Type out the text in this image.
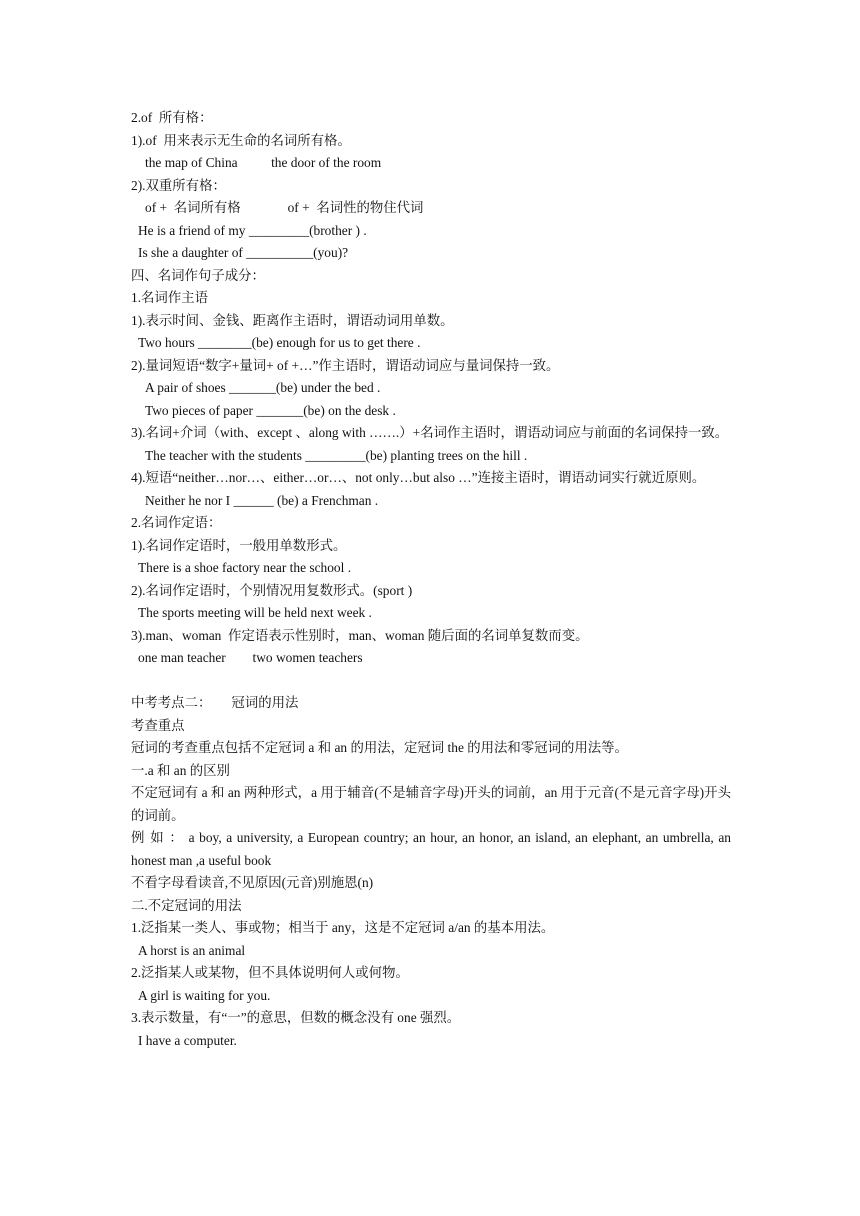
2.of  所有格：
1).of  用来表示无生命的名词所有格。
the map of China          the door of the room
2).双重所有格：
of +  名词所有格              of +  名词性的物住代词
He is a friend of my _________(brother ) .
Is she a daughter of __________(you)?
四、名词作句子成分：
1.名词作主语
1).表示时间、金钱、距离作主语时，谓语动词用单数。
Two hours ________(be) enough for us to get there .
2).量词短语“数字+量词+ of +…”作主语时，谓语动词应与量词保持一致。
A pair of shoes _______(be) under the bed .
Two pieces of paper _______(be) on the desk .
3).名词+介词（with、except 、along with …….）+名词作主语时，谓语动词应与前面的名词保持一致。
The teacher with the students _________(be) planting trees on the hill .
4).短语“neither…nor…、either…or…、not only…but also …”连接主语时，谓语动词实行就近原则。
Neither he nor I ______ (be) a Frenchman .
2.名词作定语：
1).名词作定语时，一般用单数形式。
There is a shoe factory near the school .
2).名词作定语时，个别情况用复数形式。(sport )
The sports meeting will be held next week .
3).man、woman  作定语表示性别时，man、woman 随后面的名词单复数而变。
one man teacher        two women teachers
中考考点二：      冠词的用法
考查重点
冠词的考查重点包括不定冠词 a 和 an 的用法，定冠词 the 的用法和零冠词的用法等。
一.a 和 an 的区别
不定冠词有 a 和 an 两种形式，a 用于辅音(不是辅音字母)开头的词前，an 用于元音(不是元音字母)开头的词前。
例 如 ： a boy, a university, a European country; an hour, an honor, an island, an elephant, an umbrella, an honest man ,a useful book
不看字母看读音,不见原因(元音)别施恩(n)
二.不定冠词的用法
1.泛指某一类人、事或物；相当于 any，这是不定冠词 a/an 的基本用法。
A horst is an animal
2.泛指某人或某物，但不具体说明何人或何物。
A girl is waiting for you.
3.表示数量，有“一”的意思，但数的概念没有 one 强烈。
I have a computer.
